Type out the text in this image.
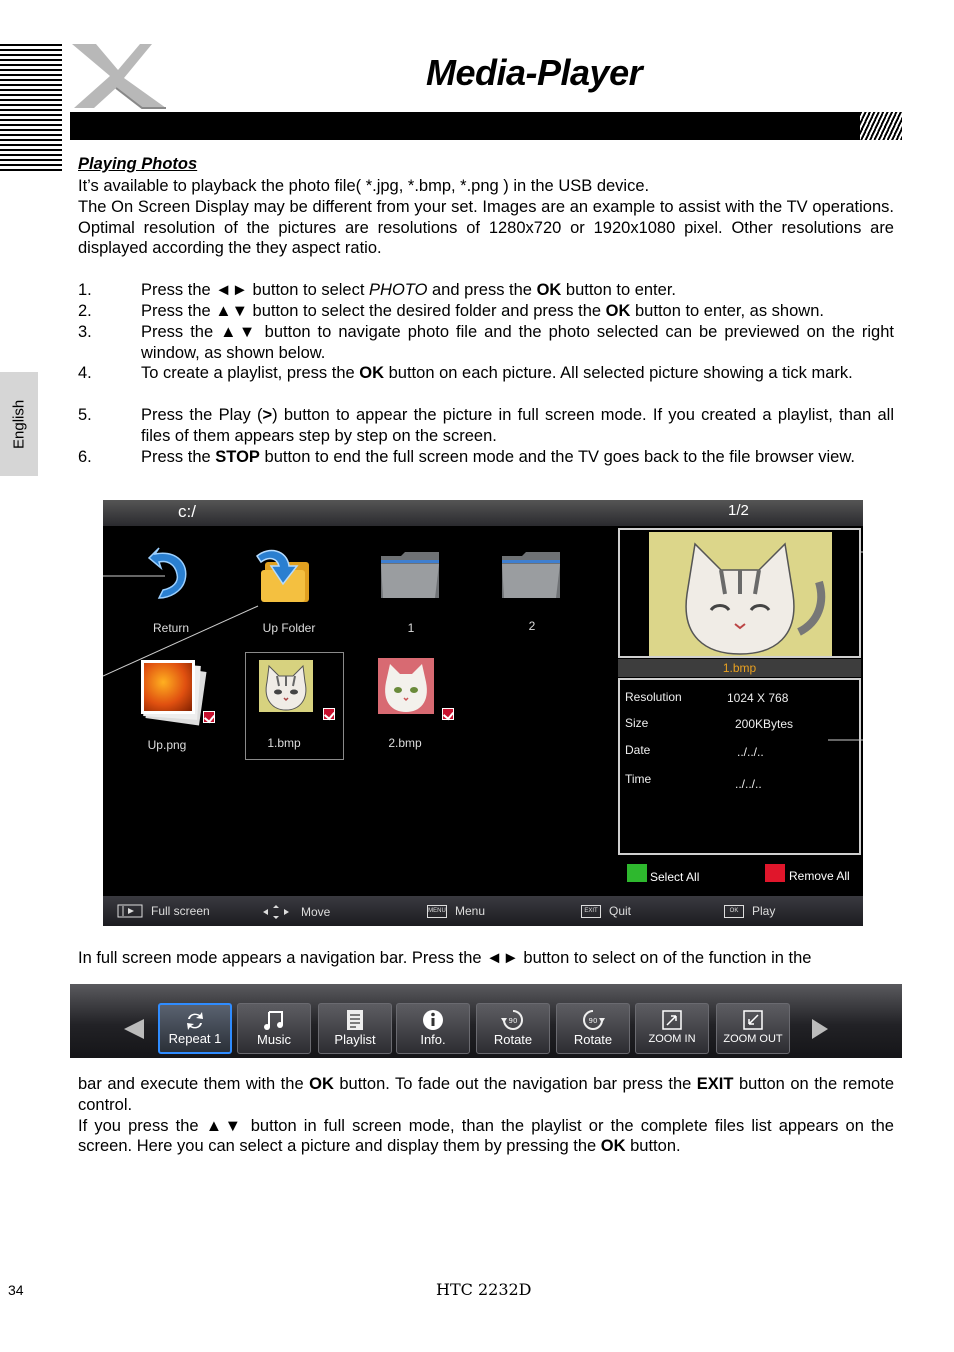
Media-Player
English
Playing Photos
It’s available to playback the photo file( *.jpg, *.bmp, *.png ) in the USB device.
The On Screen Display may be different from your set. Images are an example to assist with the TV operations. Optimal resolution of the pictures are resolutions of 1280x720 or 1920x1080 pixel. Other resolutions are displayed according the they aspect ratio.
1.	Press the ◄► button to select PHOTO and press the OK button to enter.
2.	Press the ▲▼ button to select the desired folder and press the OK button to enter, as shown.
3.	Press the ▲▼ button to navigate photo file and the photo selected can be previewed on the right window, as shown below.
4.	To create a playlist, press the OK button on each picture. All selected picture showing a tick mark.
5.	Press the Play (>) button to appear the picture in full screen mode. If you created a playlist, than all files of them appears step by step on the screen.
6.	Press the STOP button to end the full screen mode and the TV goes back to the file browser view.
c:/	1/2
Return	Up Folder	1	2
Up.png	1.bmp	2.bmp
1.bmp
Resolution	1024 X 768
Size	200KBytes
Date	../../..
Time	../../..
Select All	Remove All
Full screen	Move	MENU Menu	EXIT Quit	OK	Play
In full screen mode appears a navigation bar. Press the ◄► button to select on of the function in the
Repeat 1	Music	Playlist	Info.
90
Rotate
90
Rotate	ZOOM IN	ZOOM OUT
bar and execute them with the OK button. To fade out the navigation bar press the EXIT button on the remote control.
If you press the ▲▼ button in full screen mode, than the playlist or the complete files list appears on the screen. Here you can select a picture and display them by pressing the OK button.
34	HTC 2232D
